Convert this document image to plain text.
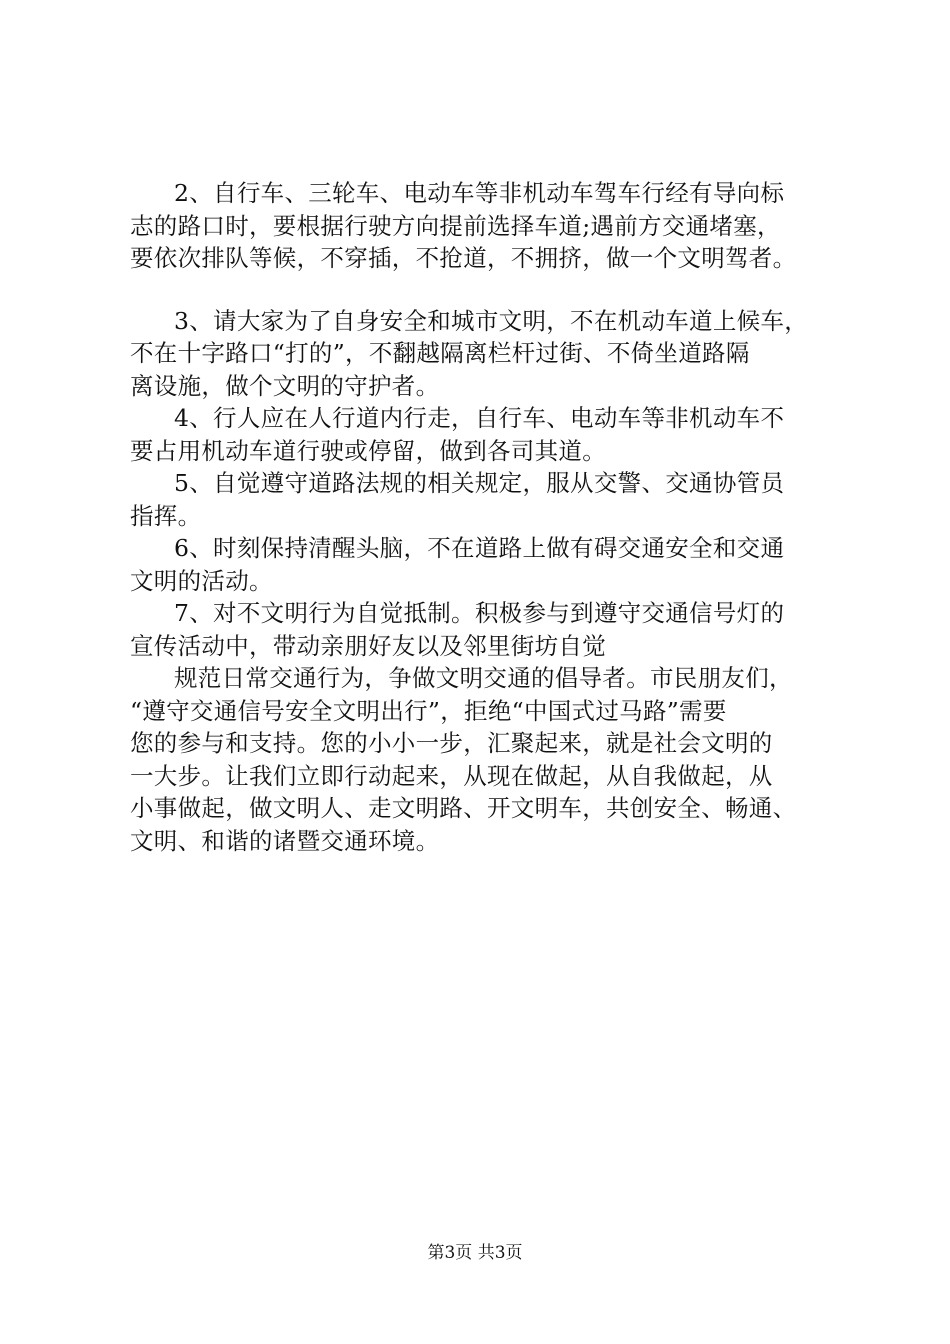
2、自行车、三轮车、电动车等非机动车驾车行经有导向标
志的路口时，要根据行驶方向提前选择车道;遇前方交通堵塞，
要依次排队等候，不穿插，不抢道，不拥挤，做一个文明驾者。

3、请大家为了自身安全和城市文明，不在机动车道上候车，
不在十字路口“打的”，不翻越隔离栏杆过街、不倚坐道路隔
离设施，做个文明的守护者。

4、行人应在人行道内行走，自行车、电动车等非机动车不
要占用机动车道行驶或停留，做到各司其道。

5、自觉遵守道路法规的相关规定，服从交警、交通协管员
指挥。

6、时刻保持清醒头脑，不在道路上做有碍交通安全和交通
文明的活动。

7、对不文明行为自觉抵制。积极参与到遵守交通信号灯的
宣传活动中，带动亲朋好友以及邻里街坊自觉

规范日常交通行为，争做文明交通的倡导者。市民朋友们，
“遵守交通信号安全文明出行”，拒绝“中国式过马路”需要
您的参与和支持。您的小小一步，汇聚起来，就是社会文明的
一大步。让我们立即行动起来，从现在做起，从自我做起，从
小事做起，做文明人、走文明路、开文明车，共创安全、畅通、
文明、和谐的诸暨交通环境。

第3页 共3页
